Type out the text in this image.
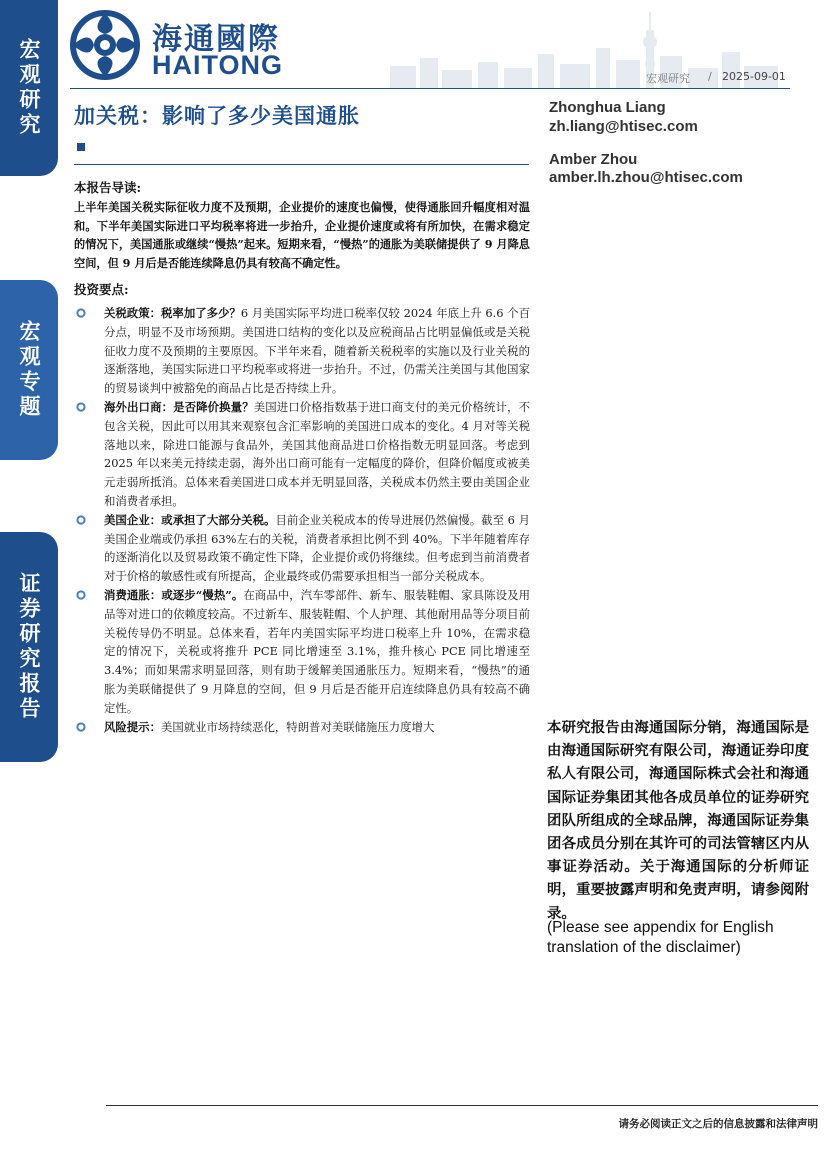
宏观研究
宏观专题
证券研究报告
海通國際
HAITONG	宏观研究 / 2025-09-01
加关税：影响了多少美国通胀	Zhonghua Liang
zh.liang@htisec.com
Amber Zhou
amber.lh.zhou@htisec.com
本报告导读:
上半年美国关税实际征收力度不及预期，企业提价的速度也偏慢，使得通胀回升幅度相对温和。下半年美国实际进口平均税率将进一步抬升，企业提价速度或将有所加快，在需求稳定的情况下，美国通胀或继续“慢热”起来。短期来看，“慢热”的通胀为美联储提供了 9 月降息空间，但 9 月后是否能连续降息仍具有较高不确定性。
投资要点:
关税政策：税率加了多少？6 月美国实际平均进口税率仅较 2024 年底上升 6.6 个百分点，明显不及市场预期。美国进口结构的变化以及应税商品占比明显偏低或是关税征收力度不及预期的主要原因。下半年来看，随着新关税税率的实施以及行业关税的逐渐落地，美国实际进口平均税率或将进一步抬升。不过，仍需关注美国与其他国家的贸易谈判中被豁免的商品占比是否持续上升。
海外出口商：是否降价换量？美国进口价格指数基于进口商支付的美元价格统计，不包含关税，因此可以用其来观察包含汇率影响的美国进口成本的变化。4 月对等关税落地以来，除进口能源与食品外，美国其他商品进口价格指数无明显回落。考虑到 2025 年以来美元持续走弱，海外出口商可能有一定幅度的降价，但降价幅度或被美元走弱所抵消。总体来看美国进口成本并无明显回落，关税成本仍然主要由美国企业和消费者承担。
美国企业：或承担了大部分关税。目前企业关税成本的传导进展仍然偏慢。截至 6 月美国企业端或仍承担 63%左右的关税，消费者承担比例不到 40%。下半年随着库存的逐渐消化以及贸易政策不确定性下降，企业提价或仍将继续。但考虑到当前消费者对于价格的敏感性或有所提高，企业最终或仍需要承担相当一部分关税成本。
消费通胀：或逐步“慢热”。在商品中，汽车零部件、新车、服装鞋帽、家具陈设及用品等对进口的依赖度较高。不过新车、服装鞋帽、个人护理、其他耐用品等分项目前关税传导仍不明显。总体来看，若年内美国实际平均进口税率上升 10%，在需求稳定的情况下，关税或将推升 PCE 同比增速至 3.1%，推升核心 PCE 同比增速至 3.4%；而如果需求明显回落，则有助于缓解美国通胀压力。短期来看，“慢热”的通胀为美联储提供了 9 月降息的空间，但 9 月后是否能开启连续降息仍具有较高不确定性。
风险提示：美国就业市场持续恶化，特朗普对美联储施压力度增大	本研究报告由海通国际分销，海通国际是由海通国际研究有限公司，海通证券印度私人有限公司，海通国际株式会社和海通国际证券集团其他各成员单位的证券研究团队所组成的全球品牌，海通国际证券集团各成员分别在其许可的司法管辖区内从事证券活动。关于海通国际的分析师证明，重要披露声明和免责声明，请参阅附录。
(Please see appendix for English translation of the disclaimer)
请务必阅读正文之后的信息披露和法律声明
